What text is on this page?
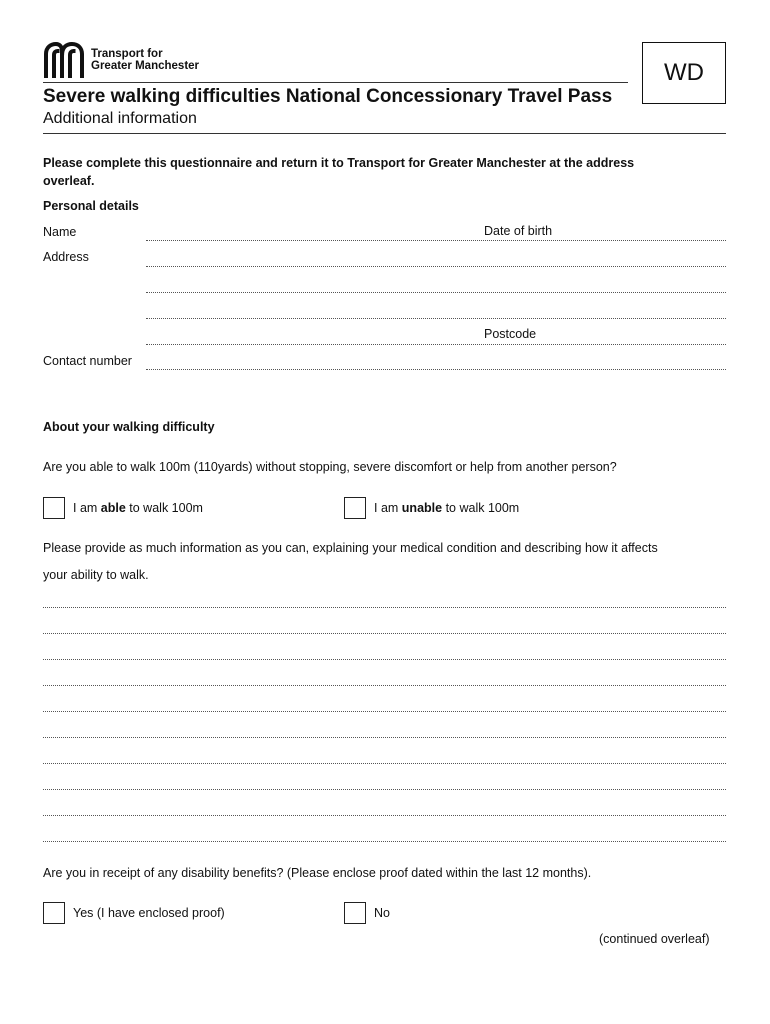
Transport for
Greater Manchester	WD
Severe walking difficulties National Concessionary Travel Pass
Additional information
Please complete this questionnaire and return it to Transport for Greater Manchester at the address overleaf.
Personal details
Name	Date of birth
Address
Postcode
Contact number
About your walking difficulty
Are you able to walk 100m (110yards) without stopping, severe discomfort or help from another person?
I am able to walk 100m	I am unable to walk 100m
Please provide as much information as you can, explaining your medical condition and describing how it affects
your ability to walk.
Are you in receipt of any disability benefits? (Please enclose proof dated within the last 12 months).
Yes (I have enclosed proof)	No
(continued overleaf)
